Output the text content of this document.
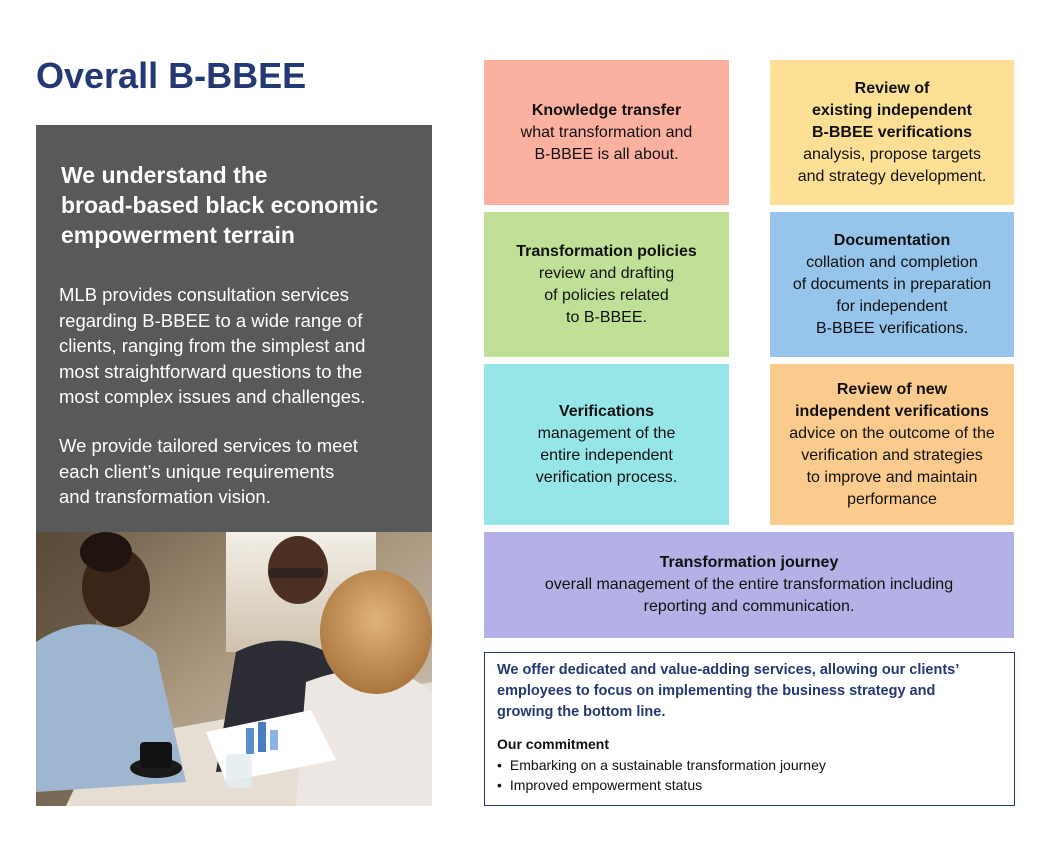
Overall B-BBEE
We understand the
broad-based black economic
empowerment terrain

MLB provides consultation services
regarding B-BBEE to a wide range of
clients, ranging from the simplest and
most straightforward questions to the
most complex issues and challenges.

We provide tailored services to meet
each client’s unique requirements
and transformation vision.

Knowledge transfer
what transformation and
B-BBEE is all about.
Review of
existing independent
B-BBEE verifications
analysis, propose targets
and strategy development.
Transformation policies
review and drafting
of policies related
to B-BBEE.
Documentation
collation and completion
of documents in preparation
for independent
B-BBEE verifications.
Verifications
management of the
entire independent
verification process.
Review of new
independent verifications
advice on the outcome of the
verification and strategies
to improve and maintain
performance
Transformation journey
overall management of the entire transformation including
reporting and communication.

We offer dedicated and value-adding services, allowing our clients’
employees to focus on implementing the business strategy and
growing the bottom line.

Our commitment
• Embarking on a sustainable transformation journey
• Improved empowerment status
